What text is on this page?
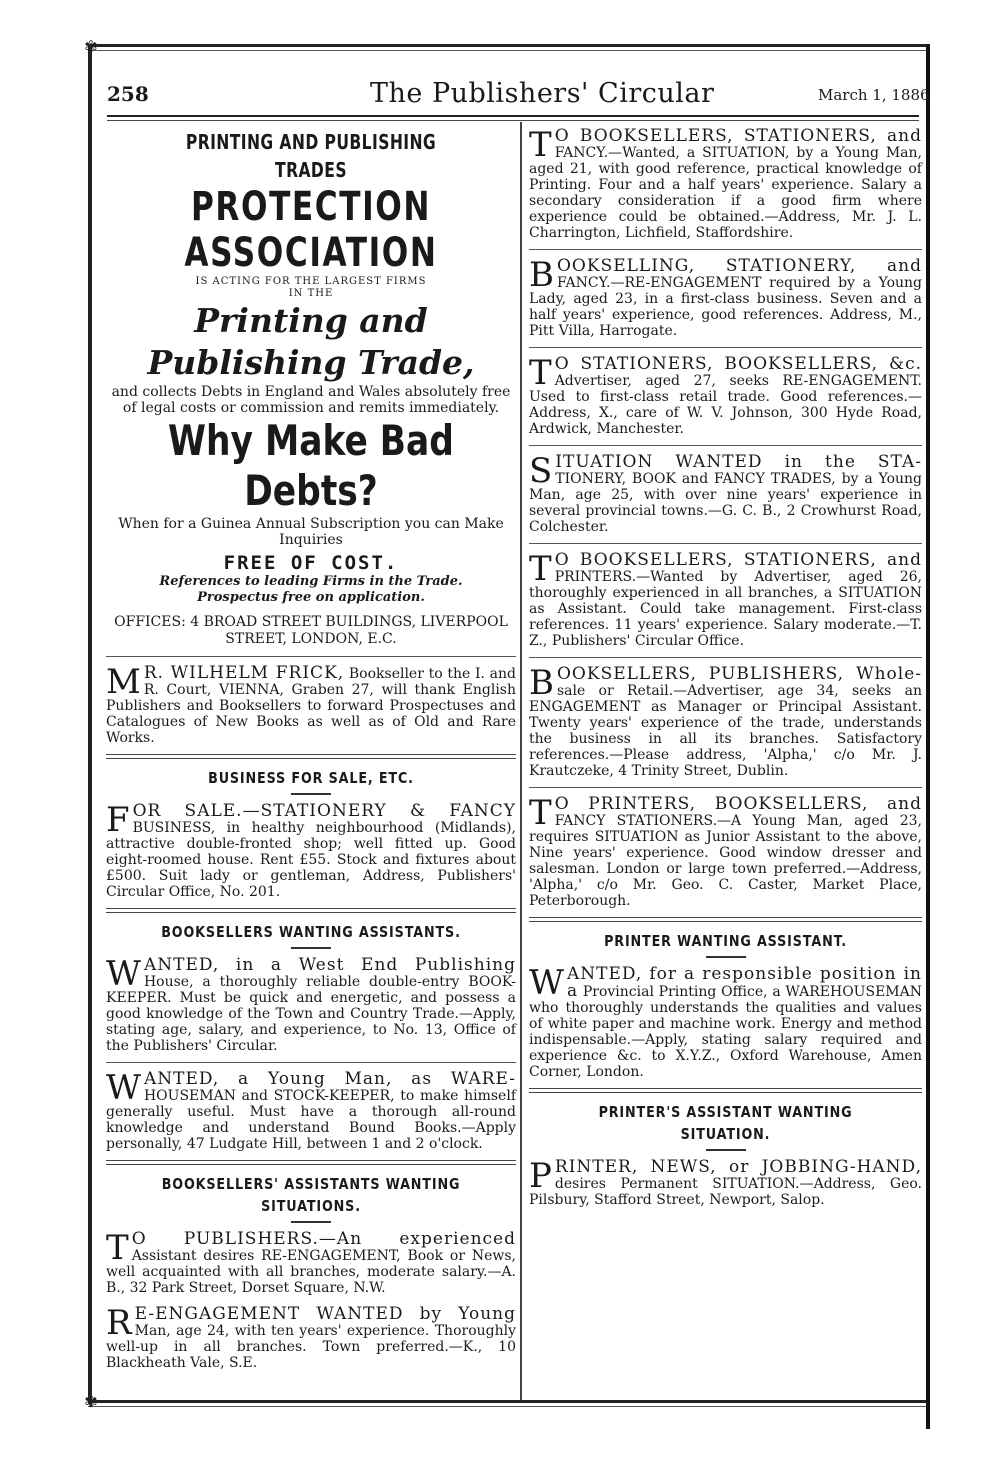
✾
✾
258	The Publishers' Circular	March 1, 1886
PRINTING AND PUBLISHING TRADES
PROTECTION ASSOCIATION
IS ACTING FOR THE LARGEST FIRMS
IN THE
Printing and Publishing Trade,
and collects Debts in England and Wales absolutely free of legal costs or commission and remits immediately.
Why Make Bad Debts?
When for a Guinea Annual Subscription you can Make Inquiries
FREE OF COST.
References to leading Firms in the Trade.
Prospectus free on application.
OFFICES: 4 BROAD STREET BUILDINGS, LIVERPOOL STREET, LONDON, E.C.

M R. WILHELM FRICK, Bookseller to the I. and R. Court, VIENNA, Graben 27, will thank English Publishers and Booksellers to forward Prospectuses and Catalogues of New Books as well as of Old and Rare Works.

BUSINESS FOR SALE, ETC.

FOR SALE.—STATIONERY & FANCY BUSINESS, in healthy neighbourhood (Midlands), attractive double-fronted shop; well fitted up. Good eight-roomed house. Rent £55. Stock and fixtures about £500. Suit lady or gentleman, Address, Publishers' Circular Office, No. 201.

BOOKSELLERS WANTING ASSISTANTS.

WANTED, in a West End Publishing House, a thoroughly reliable double-entry BOOK-KEEPER. Must be quick and energetic, and possess a good knowledge of the Town and Country Trade.—Apply, stating age, salary, and experience, to No. 13, Office of the Publishers' Circular.

WANTED, a Young Man, as WARE- HOUSEMAN and STOCK-KEEPER, to make himself generally useful. Must have a thorough all-round knowledge and understand Bound Books.—Apply personally, 47 Ludgate Hill, between 1 and 2 o'clock.

BOOKSELLERS' ASSISTANTS WANTING SITUATIONS.

T O PUBLISHERS.—An experienced Assistant desires RE-ENGAGEMENT, Book or News, well acquainted with all branches, moderate salary.—A. B., 32 Park Street, Dorset Square, N.W.

R E-ENGAGEMENT WANTED by Young Man, age 24, with ten years' experience. Thoroughly well-up in all branches. Town preferred.—K., 10 Blackheath Vale, S.E.

T O BOOKSELLERS, STATIONERS, and FANCY.—Wanted, a SITUATION, by a Young Man, aged 21, with good reference, practical knowledge of Printing. Four and a half years' experience. Salary a secondary consideration if a good firm where experience could be obtained.—Address, Mr. J. L. Charrington, Lichfield, Staffordshire.

BOOKSELLING, STATIONERY, and FANCY.—RE-ENGAGEMENT required by a Young Lady, aged 23, in a first-class business. Seven and a half years' experience, good references. Address, M., Pitt Villa, Harrogate.

T O STATIONERS, BOOKSELLERS, &c. Advertiser, aged 27, seeks RE-ENGAGEMENT. Used to first-class retail trade. Good references.—Address, X., care of W. V. Johnson, 300 Hyde Road, Ardwick, Manchester.

SITUATION WANTED in the STA- TIONERY, BOOK and FANCY TRADES, by a Young Man, age 25, with over nine years' experience in several provincial towns.—G. C. B., 2 Crowhurst Road, Colchester.

T O BOOKSELLERS, STATIONERS, and PRINTERS.—Wanted by Advertiser, aged 26, thoroughly experienced in all branches, a SITUATION as Assistant. Could take management. First-class references. 11 years' experience. Salary moderate.—T. Z., Publishers' Circular Office.

BOOKSELLERS, PUBLISHERS, Whole- sale or Retail.—Advertiser, age 34, seeks an ENGAGEMENT as Manager or Principal Assistant. Twenty years' experience of the trade, understands the business in all its branches. Satisfactory references.—Please address, 'Alpha,' c/o Mr. J. Krautczeke, 4 Trinity Street, Dublin.

T O PRINTERS, BOOKSELLERS, and FANCY STATIONERS.—A Young Man, aged 23, requires SITUATION as Junior Assistant to the above, Nine years' experience. Good window dresser and salesman. London or large town preferred.—Address, 'Alpha,' c/o Mr. Geo. C. Caster, Market Place, Peterborough.

PRINTER WANTING ASSISTANT.

WANTED, for a responsible position in a Provincial Printing Office, a WAREHOUSEMAN who thoroughly understands the qualities and values of white paper and machine work. Energy and method indispensable.—Apply, stating salary required and experience &c. to X.Y.Z., Oxford Warehouse, Amen Corner, London.

PRINTER'S ASSISTANT WANTING SITUATION.

PRINTER, NEWS, or JOBBING-HAND, desires Permanent SITUATION.—Address, Geo. Pilsbury, Stafford Street, Newport, Salop.
